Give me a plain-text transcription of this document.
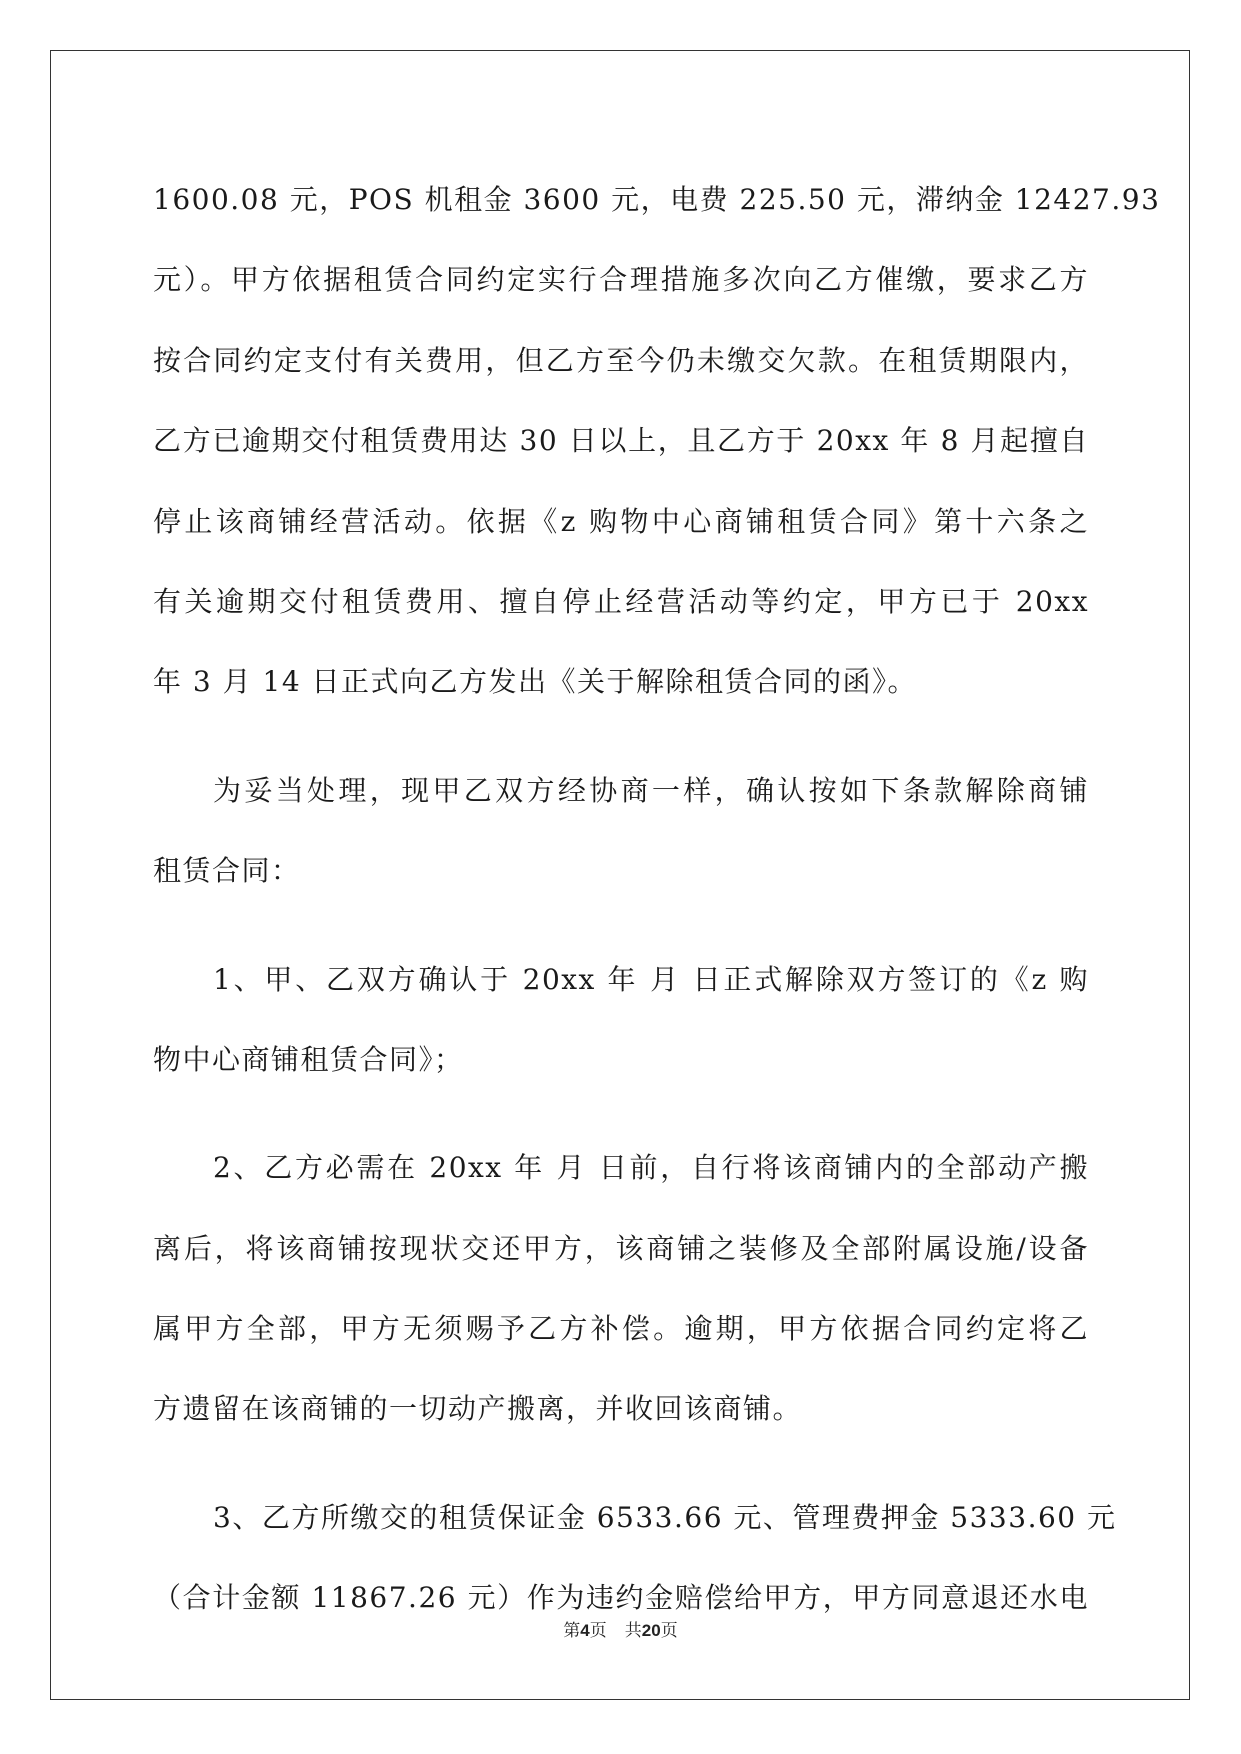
1600.08 元，POS 机租金 3600 元，电费 225.50 元，滞纳金 12427.93
元）。甲方依据租赁合同约定实行合理措施多次向乙方催缴，要求乙方
按合同约定支付有关费用，但乙方至今仍未缴交欠款。在租赁期限内，
乙方已逾期交付租赁费用达 30 日以上，且乙方于 20xx 年 8 月起擅自
停止该商铺经营活动。依据《z 购物中心商铺租赁合同》第十六条之
有关逾期交付租赁费用、擅自停止经营活动等约定，甲方已于 20xx
年 3 月 14 日正式向乙方发出《关于解除租赁合同的函》。
为妥当处理，现甲乙双方经协商一样，确认按如下条款解除商铺
租赁合同：
1、甲、乙双方确认于 20xx 年 月 日正式解除双方签订的《z 购
物中心商铺租赁合同》；
2、乙方必需在 20xx 年 月 日前，自行将该商铺内的全部动产搬
离后，将该商铺按现状交还甲方，该商铺之装修及全部附属设施/设备
属甲方全部，甲方无须赐予乙方补偿。逾期，甲方依据合同约定将乙
方遗留在该商铺的一切动产搬离，并收回该商铺。
3、乙方所缴交的租赁保证金 6533.66 元、管理费押金 5333.60 元
（合计金额 11867.26 元）作为违约金赔偿给甲方，甲方同意退还水电
第4页 共20页
